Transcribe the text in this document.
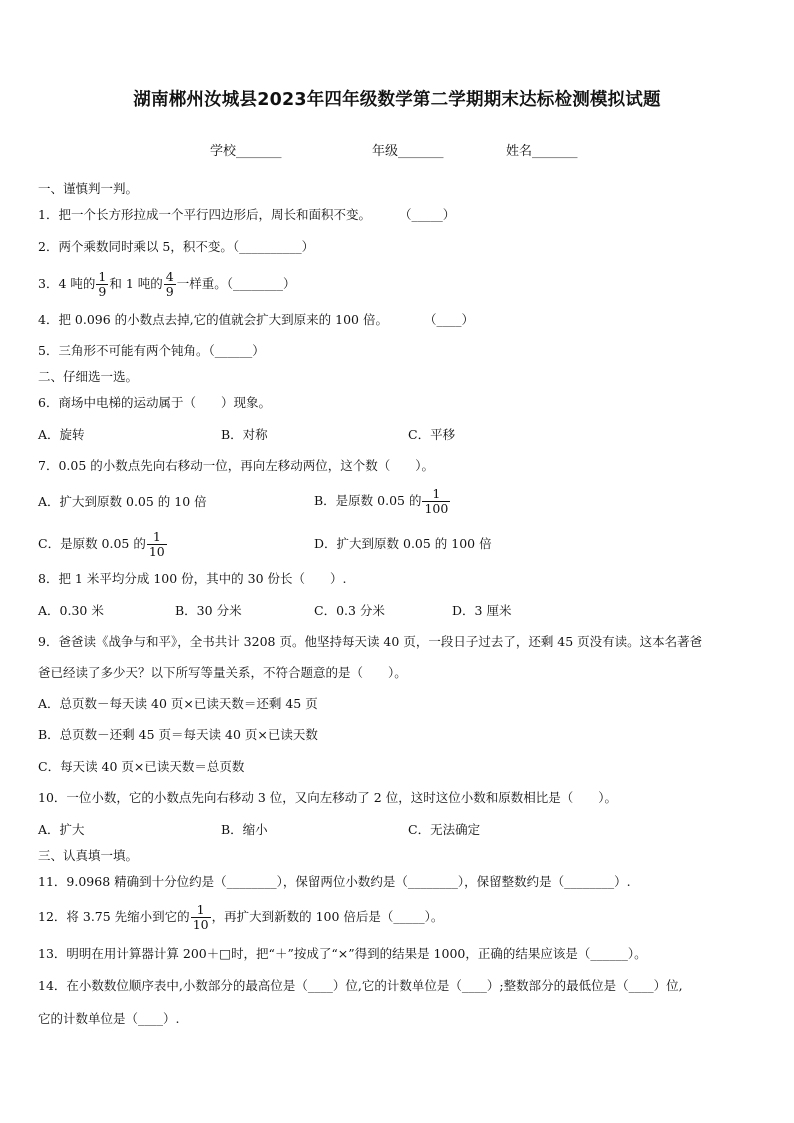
湖南郴州汝城县2023年四年级数学第二学期期末达标检测模拟试题
学校_______	年级_______	姓名_______
一、谨慎判一判。
1．把一个长方形拉成一个平行四边形后，周长和面积不变。 （_____）
2．两个乘数同时乘以 5，积不变。（__________）
3．4 吨的 $\frac{1}{9}$ 和 1 吨的 $\frac{4}{9}$ 一样重。（________）
4．把 0.096 的小数点去掉,它的值就会扩大到原来的 100 倍。	（____）
5．三角形不可能有两个钝角。（______）
二、仔细选一选。
6．商场中电梯的运动属于（　　）现象。
A．旋转	B．对称	C．平移
7．0.05 的小数点先向右移动一位，再向左移动两位，这个数（　　）。
A．扩大到原数 0.05 的 10 倍	B．是原数 0.05 的 $\frac{1}{100}$
C．是原数 0.05 的 $\frac{1}{10}$	D．扩大到原数 0.05 的 100 倍
8．把 1 米平均分成 100 份，其中的 30 份长（　　）.
A．0.30 米	B．30 分米	C．0.3 分米	D．3 厘米
9．爸爸读《战争与和平》，全书共计 3208 页。他坚持每天读 40 页，一段日子过去了，还剩 45 页没有读。这本名著爸
爸已经读了多少天？以下所写等量关系，不符合题意的是（　　）。
A．总页数－每天读 40 页×已读天数＝还剩 45 页
B．总页数－还剩 45 页＝每天读 40 页×已读天数
C．每天读 40 页×已读天数＝总页数
10．一位小数，它的小数点先向右移动 3 位，又向左移动了 2 位，这时这位小数和原数相比是（　　）。
A．扩大	B．缩小	C．无法确定
三、认真填一填。
11．9.0968 精确到十分位约是（________），保留两位小数约是（________），保留整数约是（________）.
12．将 3.75 先缩小到它的 $\frac{1}{10}$ ，再扩大到新数的 100 倍后是（_____）。
13．明明在用计算器计算 200＋□时，把“＋”按成了“×”得到的结果是 1000，正确的结果应该是（______）。
14．在小数数位顺序表中,小数部分的最高位是（____）位,它的计数单位是（____）;整数部分的最低位是（____）位,
它的计数单位是（____）.
